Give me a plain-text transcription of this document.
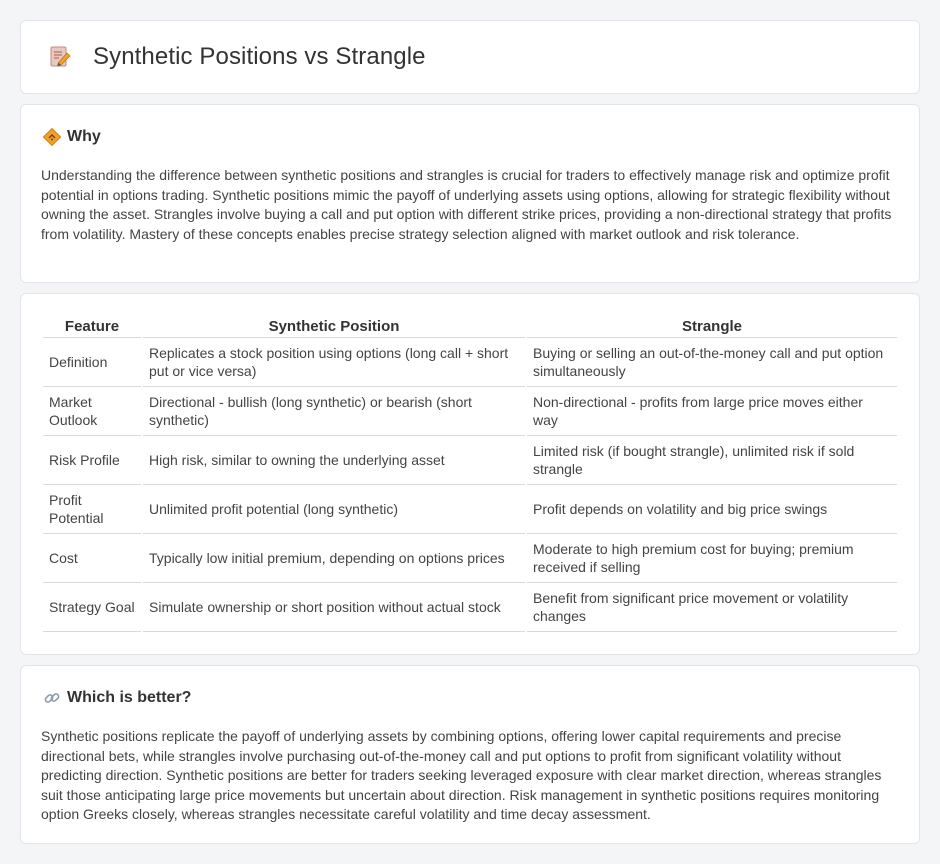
Synthetic Positions vs Strangle
Why

Understanding the difference between synthetic positions and strangles is crucial for traders to effectively manage risk and optimize profit potential in options trading. Synthetic positions mimic the payoff of underlying assets using options, allowing for strategic flexibility without owning the asset. Strangles involve buying a call and put option with different strike prices, providing a non-directional strategy that profits from volatility. Mastery of these concepts enables precise strategy selection aligned with market outlook and risk tolerance.

Feature	Synthetic Position	Strangle
Definition	Replicates a stock position using options (long call + short put or vice versa)	Buying or selling an out-of-the-money call and put option simultaneously
Market Outlook	Directional - bullish (long synthetic) or bearish (short synthetic)	Non-directional - profits from large price moves either way
Risk Profile	High risk, similar to owning the underlying asset	Limited risk (if bought strangle), unlimited risk if sold strangle
Profit Potential	Unlimited profit potential (long synthetic)	Profit depends on volatility and big price swings
Cost	Typically low initial premium, depending on options prices	Moderate to high premium cost for buying; premium received if selling
Strategy Goal	Simulate ownership or short position without actual stock	Benefit from significant price movement or volatility changes
Which is better?

Synthetic positions replicate the payoff of underlying assets by combining options, offering lower capital requirements and precise directional bets, while strangles involve purchasing out-of-the-money call and put options to profit from significant volatility without predicting direction. Synthetic positions are better for traders seeking leveraged exposure with clear market direction, whereas strangles suit those anticipating large price movements but uncertain about direction. Risk management in synthetic positions requires monitoring option Greeks closely, whereas strangles necessitate careful volatility and time decay assessment.
